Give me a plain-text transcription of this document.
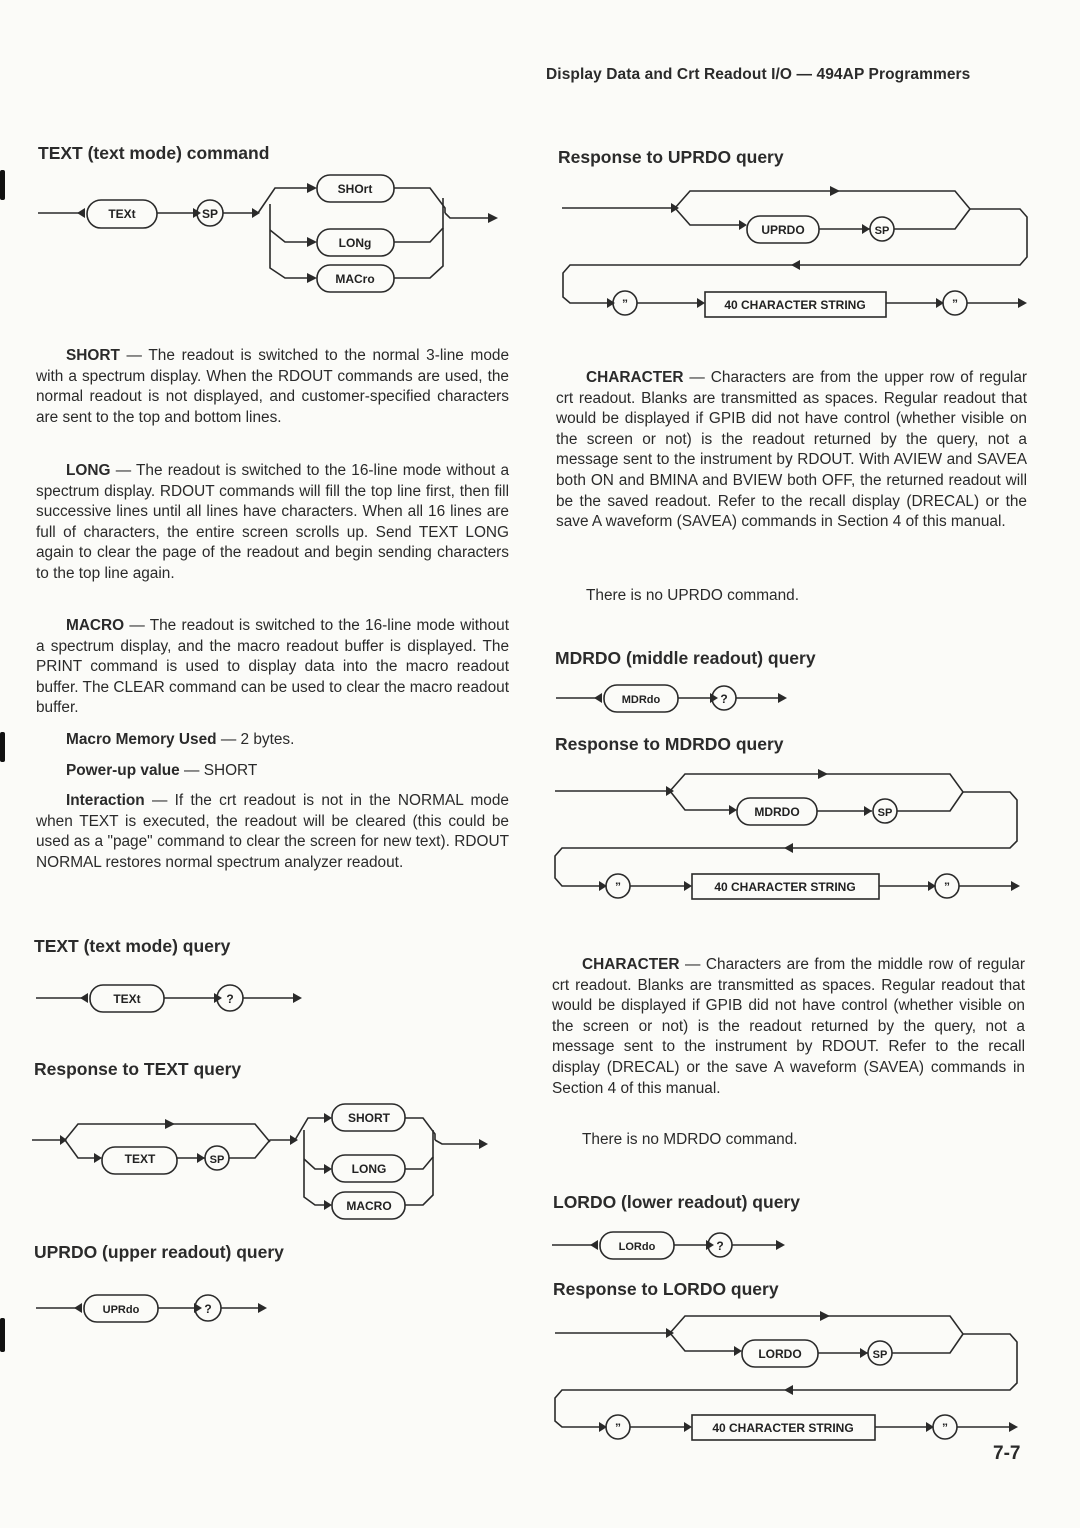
Display Data and Crt Readout I/O — 494AP Programmers
TEXT (text mode) command
TEXt	SP
SHOrt
LONg
MACro
SHORT — The readout is switched to the normal 3-line mode with a spectrum display. When the RDOUT commands are used, the normal readout is not displayed, and customer-specified characters are sent to the top and bottom lines.
LONG — The readout is switched to the 16-line mode without a spectrum display. RDOUT commands will fill the top line first, then fill successive lines until all lines have characters. When all 16 lines are full of characters, the entire screen scrolls up. Send TEXT LONG again to clear the page of the readout and begin sending characters to the top line again.
MACRO — The readout is switched to the 16-line mode without a spectrum display, and the macro readout buffer is displayed. The PRINT command is used to display data into the macro readout buffer. The CLEAR command can be used to clear the macro readout buffer.
Macro Memory Used — 2 bytes.
Power-up value — SHORT
Interaction — If the crt readout is not in the NORMAL mode when TEXT is executed, the readout will be cleared (this could be used as a "page" command to clear the screen for new text). RDOUT NORMAL restores normal spectrum analyzer readout.
TEXT (text mode) query
TEXt	?
Response to TEXT query
TEXT	SP
SHORT
LONG
MACRO
UPRDO (upper readout) query
UPRdo	?
Response to UPRDO query
UPRDO	SP
”	40 CHARACTER STRING	”
CHARACTER — Characters are from the upper row of regular crt readout. Blanks are transmitted as spaces. Regular readout that would be displayed if GPIB did not have control (whether visible on the screen or not) is the readout returned by the query, not a message sent to the instrument by RDOUT. With AVIEW and SAVEA both ON and BMINA and BVIEW both OFF, the returned readout will be the saved readout. Refer to the recall display (DRECAL) or the save A waveform (SAVEA) commands in Section 4 of this manual.
There is no UPRDO command.
MDRDO (middle readout) query
MDRdo	?
Response to MDRDO query
MDRDO	SP
”	40 CHARACTER STRING	”
CHARACTER — Characters are from the middle row of regular crt readout. Blanks are transmitted as spaces. Regular readout that would be displayed if GPIB did not have control (whether visible on the screen or not) is the readout returned by the query, not a message sent to the instrument by RDOUT. Refer to the recall display (DRECAL) or the save A waveform (SAVEA) commands in Section 4 of this manual.
There is no MDRDO command.
LORDO (lower readout) query
LORdo	?
Response to LORDO query
LORDO	SP
”	40 CHARACTER STRING	”
7-7
